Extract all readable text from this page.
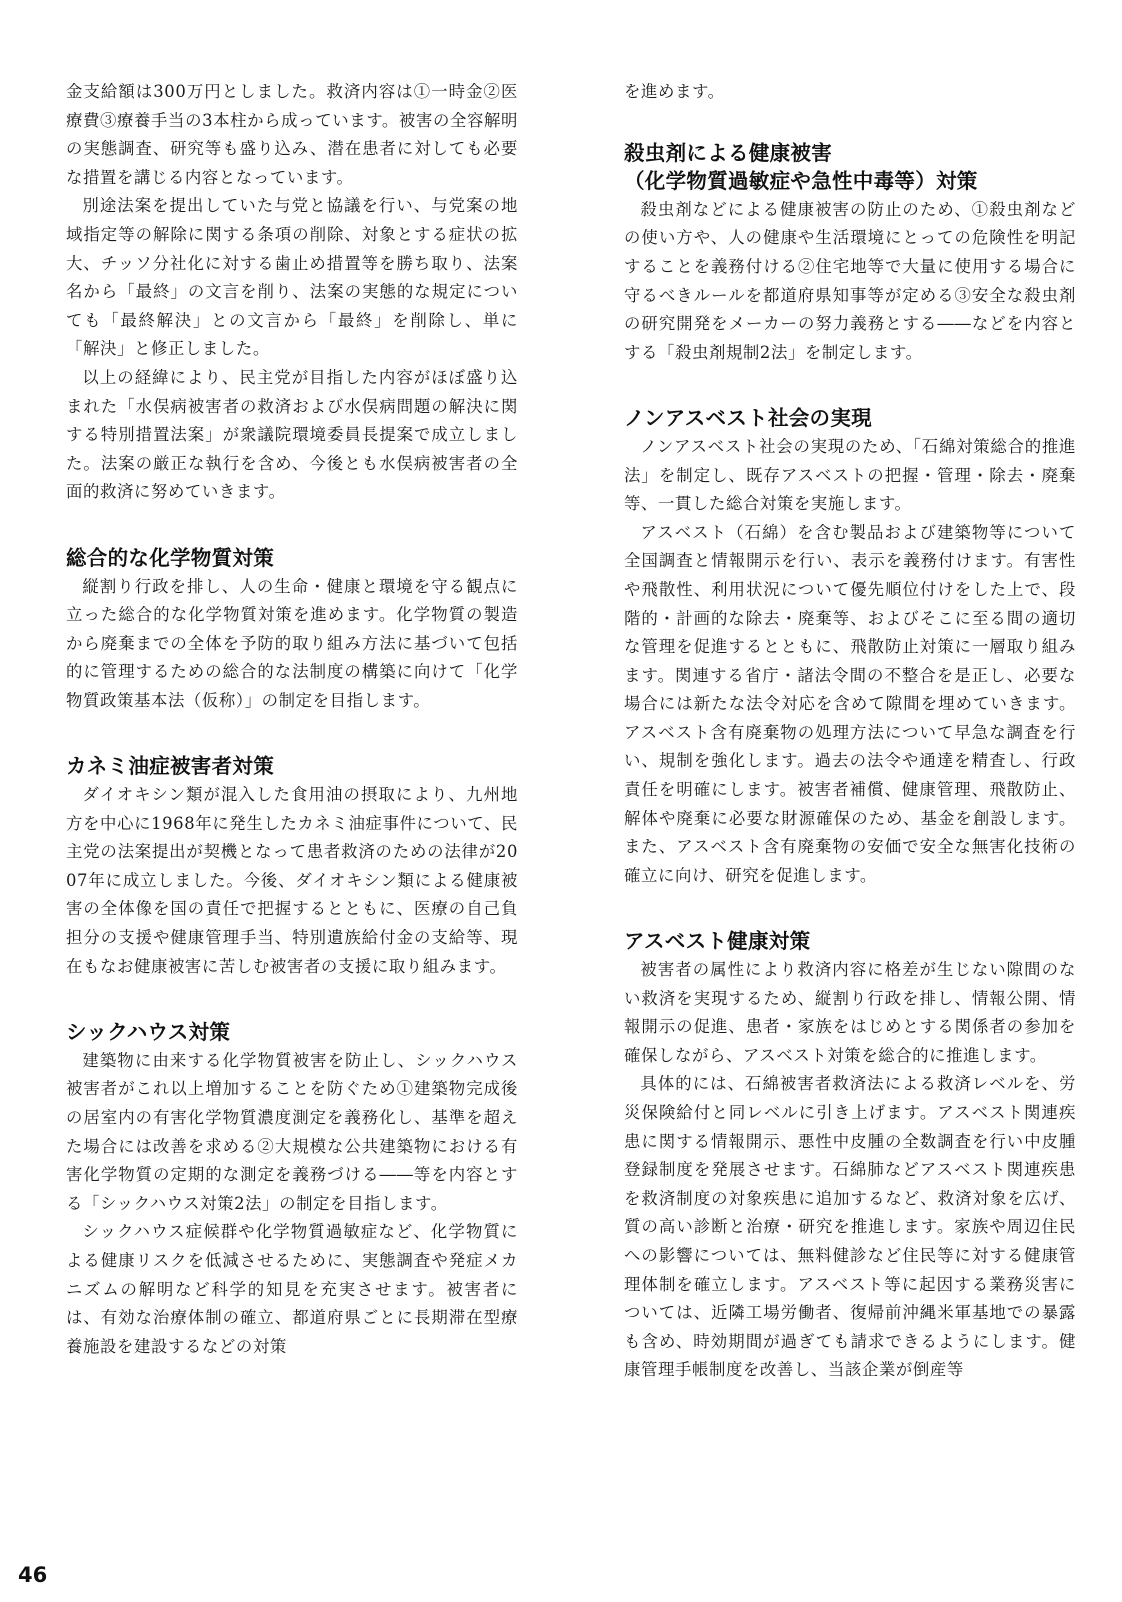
金支給額は300万円としました。救済内容は①一時金②医療費③療養手当の3本柱から成っています。被害の全容解明の実態調査、研究等も盛り込み、潜在患者に対しても必要な措置を講じる内容となっています。

別途法案を提出していた与党と協議を行い、与党案の地域指定等の解除に関する条項の削除、対象とする症状の拡大、チッソ分社化に対する歯止め措置等を勝ち取り、法案名から「最終」の文言を削り、法案の実態的な規定についても「最終解決」との文言から「最終」を削除し、単に「解決」と修正しました。

以上の経緯により、民主党が目指した内容がほぼ盛り込まれた「水俣病被害者の救済および水俣病問題の解決に関する特別措置法案」が衆議院環境委員長提案で成立しました。法案の厳正な執行を含め、今後とも水俣病被害者の全面的救済に努めていきます。

総合的な化学物質対策

縦割り行政を排し、人の生命・健康と環境を守る観点に立った総合的な化学物質対策を進めます。化学物質の製造から廃棄までの全体を予防的取り組み方法に基づいて包括的に管理するための総合的な法制度の構築に向けて「化学物質政策基本法（仮称）」の制定を目指します。

カネミ油症被害者対策

ダイオキシン類が混入した食用油の摂取により、九州地方を中心に1968年に発生したカネミ油症事件について、民主党の法案提出が契機となって患者救済のための法律が2007年に成立しました。今後、ダイオキシン類による健康被害の全体像を国の責任で把握するとともに、医療の自己負担分の支援や健康管理手当、特別遺族給付金の支給等、現在もなお健康被害に苦しむ被害者の支援に取り組みます。

シックハウス対策

建築物に由来する化学物質被害を防止し、シックハウス被害者がこれ以上増加することを防ぐため①建築物完成後の居室内の有害化学物質濃度測定を義務化し、基準を超えた場合には改善を求める②大規模な公共建築物における有害化学物質の定期的な測定を義務づける――等を内容とする「シックハウス対策2法」の制定を目指します。

シックハウス症候群や化学物質過敏症など、化学物質による健康リスクを低減させるために、実態調査や発症メカニズムの解明など科学的知見を充実させます。被害者には、有効な治療体制の確立、都道府県ごとに長期滞在型療養施設を建設するなどの対策

を進めます。

殺虫剤による健康被害
（化学物質過敏症や急性中毒等）対策

殺虫剤などによる健康被害の防止のため、①殺虫剤などの使い方や、人の健康や生活環境にとっての危険性を明記することを義務付ける②住宅地等で大量に使用する場合に守るべきルールを都道府県知事等が定める③安全な殺虫剤の研究開発をメーカーの努力義務とする――などを内容とする「殺虫剤規制2法」を制定します。

ノンアスベスト社会の実現

ノンアスベスト社会の実現のため、「石綿対策総合的推進法」を制定し、既存アスベストの把握・管理・除去・廃棄等、一貫した総合対策を実施します。

アスベスト（石綿）を含む製品および建築物等について全国調査と情報開示を行い、表示を義務付けます。有害性や飛散性、利用状況について優先順位付けをした上で、段階的・計画的な除去・廃棄等、およびそこに至る間の適切な管理を促進するとともに、飛散防止対策に一層取り組みます。関連する省庁・諸法令間の不整合を是正し、必要な場合には新たな法令対応を含めて隙間を埋めていきます。アスベスト含有廃棄物の処理方法について早急な調査を行い、規制を強化します。過去の法令や通達を精査し、行政責任を明確にします。被害者補償、健康管理、飛散防止、解体や廃棄に必要な財源確保のため、基金を創設します。また、アスベスト含有廃棄物の安価で安全な無害化技術の確立に向け、研究を促進します。

アスベスト健康対策

被害者の属性により救済内容に格差が生じない隙間のない救済を実現するため、縦割り行政を排し、情報公開、情報開示の促進、患者・家族をはじめとする関係者の参加を確保しながら、アスベスト対策を総合的に推進します。

具体的には、石綿被害者救済法による救済レベルを、労災保険給付と同レベルに引き上げます。アスベスト関連疾患に関する情報開示、悪性中皮腫の全数調査を行い中皮腫登録制度を発展させます。石綿肺などアスベスト関連疾患を救済制度の対象疾患に追加するなど、救済対象を広げ、質の高い診断と治療・研究を推進します。家族や周辺住民への影響については、無料健診など住民等に対する健康管理体制を確立します。アスベスト等に起因する業務災害については、近隣工場労働者、復帰前沖縄米軍基地での暴露も含め、時効期間が過ぎても請求できるようにします。健康管理手帳制度を改善し、当該企業が倒産等

46
